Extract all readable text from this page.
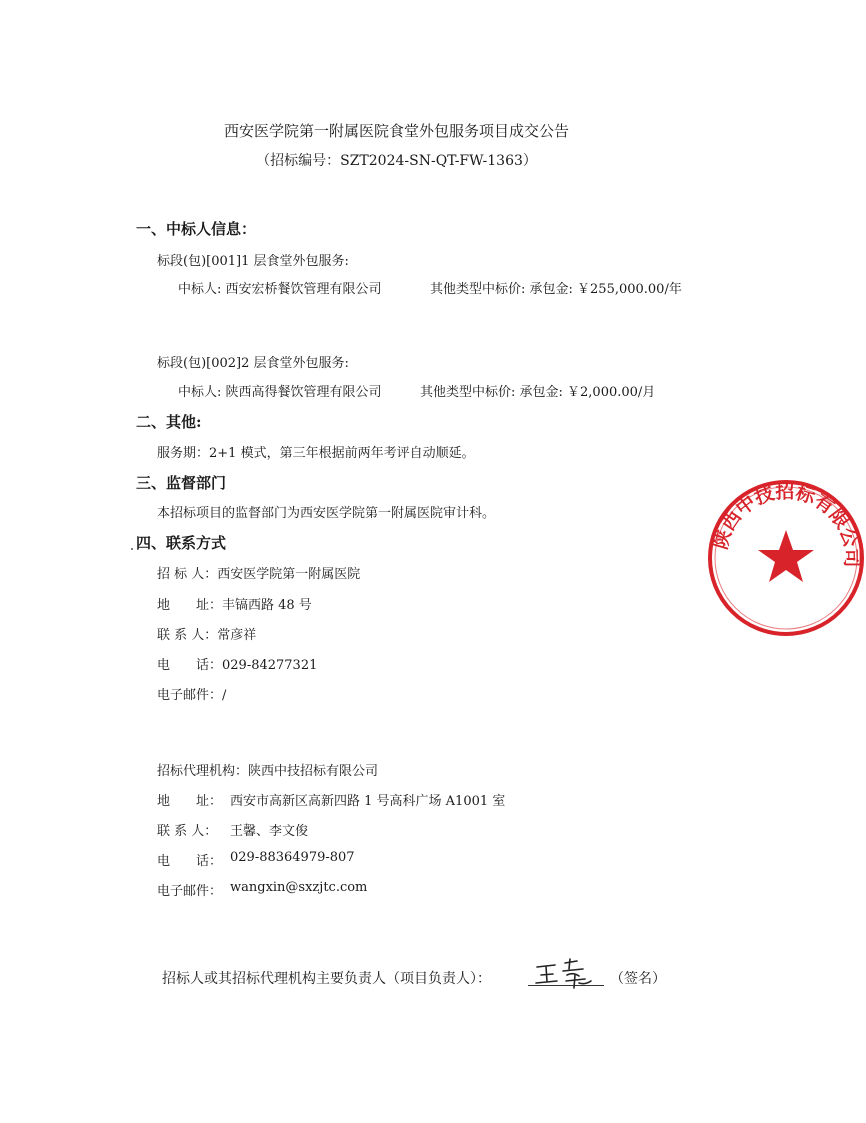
西安医学院第一附属医院食堂外包服务项目成交公告
（招标编号：SZT2024-SN-QT-FW-1363）
一、中标人信息：
标段(包)[001]1 层食堂外包服务:
中标人: 西安宏桥餐饮管理有限公司	其他类型中标价: 承包金: ￥255,000.00/年
标段(包)[002]2 层食堂外包服务:
中标人: 陕西高得餐饮管理有限公司	其他类型中标价: 承包金: ￥2,000.00/月
二、其他:
服务期：2+1 模式，第三年根据前两年考评自动顺延。
三、监督部门
本招标项目的监督部门为西安医学院第一附属医院审计科。
四、联系方式
招 标 人：西安医学院第一附属医院
地　　址：丰镐西路 48 号
联 系 人：常彦祥
电　　话：029-84277321
电子邮件：/
招标代理机构：陕西中技招标有限公司
地　　址： 西安市高新区高新四路 1 号高科广场 A1001 室
联 系 人： 王馨、李文俊
电　　话： 029-88364979-807
电子邮件： wangxin@sxzjtc.com
招标人或其招标代理机构主要负责人（项目负责人）：	（签名）
陕西中技招标有限公司
